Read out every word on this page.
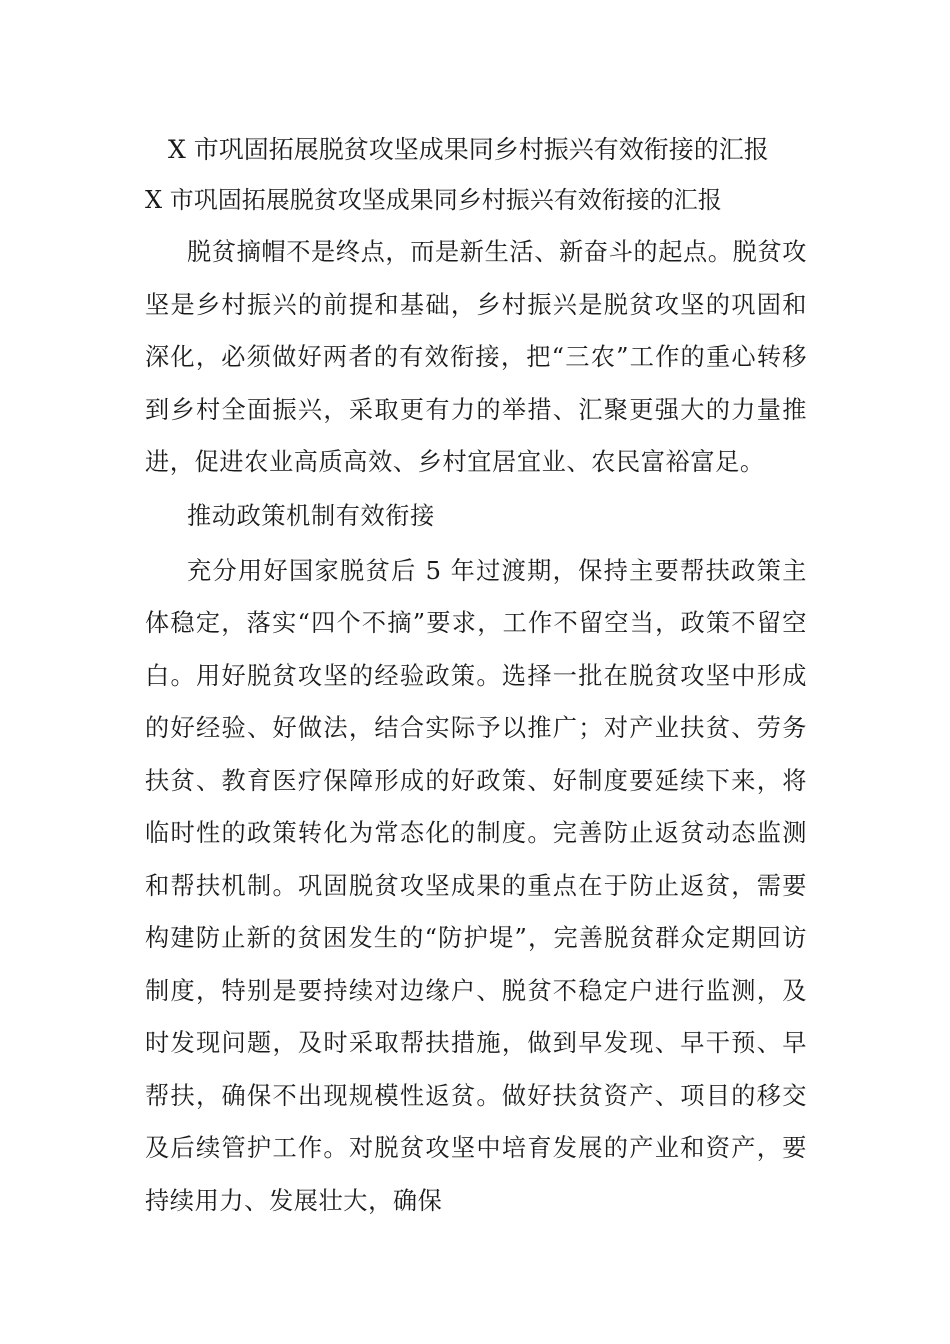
X 市巩固拓展脱贫攻坚成果同乡村振兴有效衔接的汇报
X 市巩固拓展脱贫攻坚成果同乡村振兴有效衔接的汇报

脱贫摘帽不是终点，而是新生活、新奋斗的起点。脱贫攻坚是乡村振兴的前提和基础，乡村振兴是脱贫攻坚的巩固和深化，必须做好两者的有效衔接，把“三农”工作的重心转移到乡村全面振兴，采取更有力的举措、汇聚更强大的力量推进，促进农业高质高效、乡村宜居宜业、农民富裕富足。

推动政策机制有效衔接

充分用好国家脱贫后 5 年过渡期，保持主要帮扶政策主体稳定，落实“四个不摘”要求，工作不留空当，政策不留空白。用好脱贫攻坚的经验政策。选择一批在脱贫攻坚中形成的好经验、好做法，结合实际予以推广；对产业扶贫、劳务扶贫、教育医疗保障形成的好政策、好制度要延续下来，将临时性的政策转化为常态化的制度。完善防止返贫动态监测和帮扶机制。巩固脱贫攻坚成果的重点在于防止返贫，需要构建防止新的贫困发生的“防护堤”，完善脱贫群众定期回访制度，特别是要持续对边缘户、脱贫不稳定户进行监测，及时发现问题，及时采取帮扶措施，做到早发现、早干预、早帮扶，确保不出现规模性返贫。做好扶贫资产、项目的移交及后续管护工作。对脱贫攻坚中培育发展的产业和资产，要持续用力、发展壮大，确保
